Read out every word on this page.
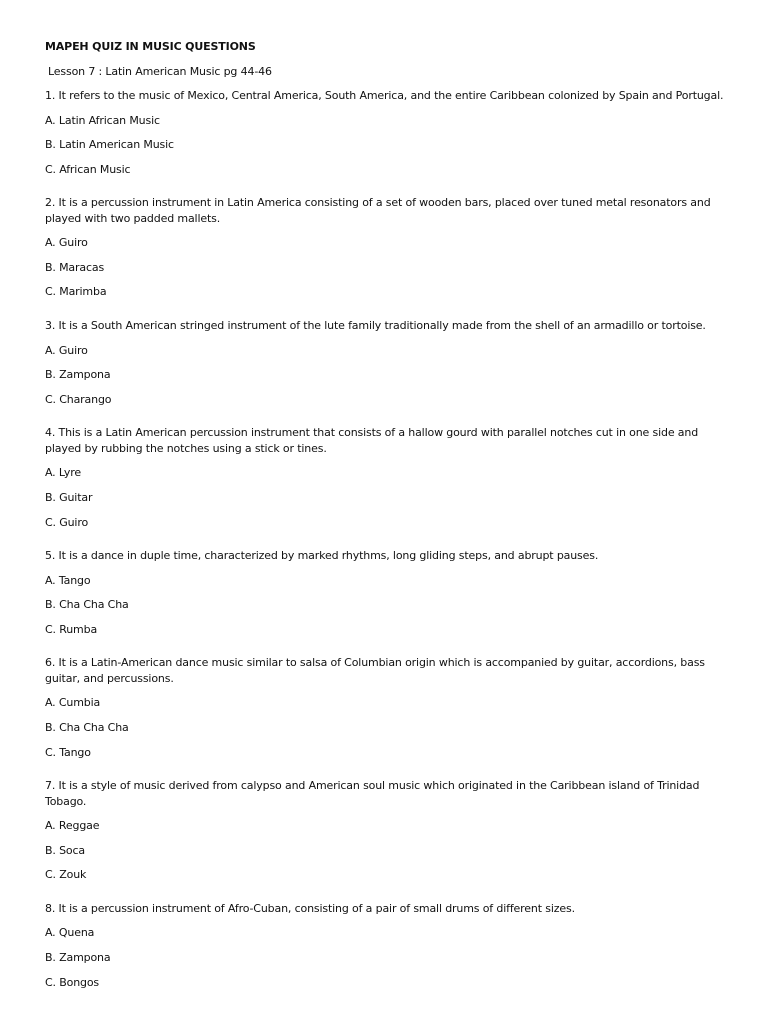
MAPEH QUIZ IN MUSIC QUESTIONS

Lesson 7 : Latin American Music pg 44-46

1. It refers to the music of Mexico, Central America, South America, and the entire Caribbean colonized by Spain and Portugal.

A. Latin African Music

B. Latin American Music

C. African Music

2. It is a percussion instrument in Latin America consisting of a set of wooden bars, placed over tuned metal resonators and played with two padded mallets.

A. Guiro

B. Maracas

C. Marimba

3. It is a South American stringed instrument of the lute family traditionally made from the shell of an armadillo or tortoise.

A. Guiro

B. Zampona

C. Charango

4. This is a Latin American percussion instrument that consists of a hallow gourd with parallel notches cut in one side and played by rubbing the notches using a stick or tines.

A. Lyre

B. Guitar

C. Guiro

5. It is a dance in duple time, characterized by marked rhythms, long gliding steps, and abrupt pauses.

A. Tango

B. Cha Cha Cha

C. Rumba

6. It is a Latin-American dance music similar to salsa of Columbian origin which is accompanied by guitar, accordions, bass guitar, and percussions.

A. Cumbia

B. Cha Cha Cha

C. Tango

7. It is a style of music derived from calypso and American soul music which originated in the Caribbean island of Trinidad Tobago.

A. Reggae

B. Soca

C. Zouk

8. It is a percussion instrument of Afro-Cuban, consisting of a pair of small drums of different sizes.

A. Quena

B. Zampona

C. Bongos
